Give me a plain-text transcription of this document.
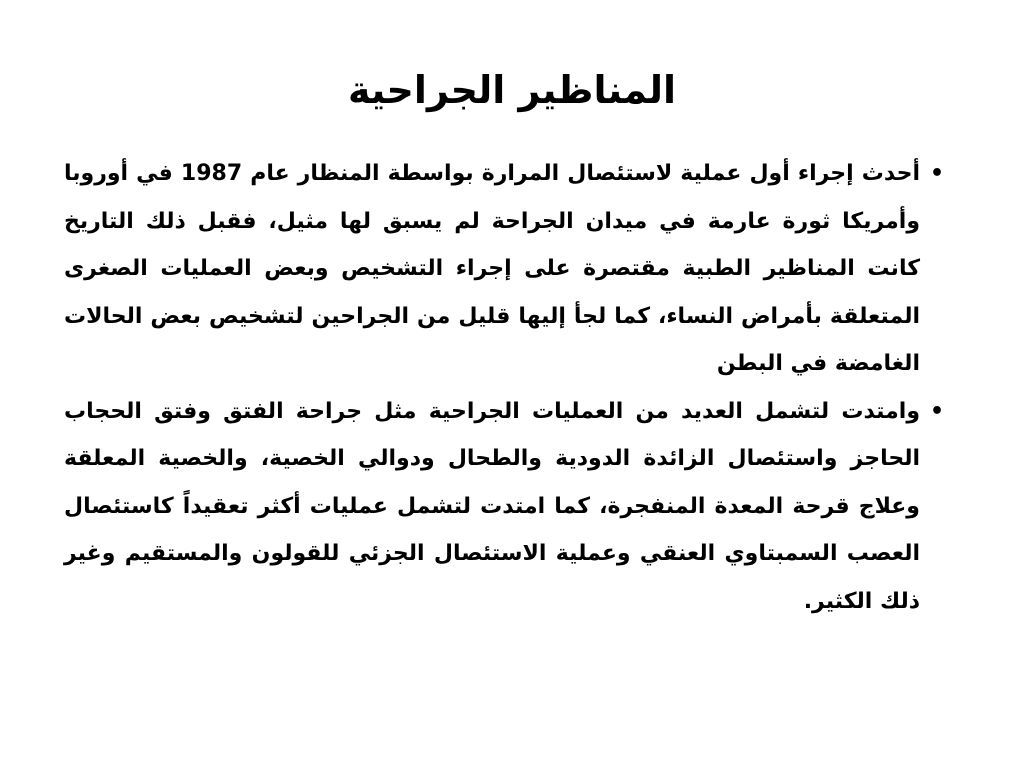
المناظير الجراحية
•
أحدث إجراء أول عملية لاستئصال المرارة بواسطة المنظار عام 1987 في أوروبا وأمريكا ثورة عارمة في ميدان الجراحة لم يسبق لها مثيل، فقبل ذلك التاريخ كانت المناظير الطبية مقتصرة على إجراء التشخيص وبعض العمليات الصغرى المتعلقة بأمراض النساء، كما لجأ إليها قليل من الجراحين لتشخيص بعض الحالات الغامضة في البطن
•
وامتدت لتشمل العديد من العمليات الجراحية مثل جراحة الفتق وفتق الحجاب الحاجز واستئصال الزائدة الدودية والطحال ودوالي الخصية، والخصية المعلقة وعلاج قرحة المعدة المنفجرة، كما امتدت لتشمل عمليات أكثر تعقيداً كاستئصال العصب السمبتاوي العنقي وعملية الاستئصال الجزئي للقولون والمستقيم وغير ذلك الكثير.
